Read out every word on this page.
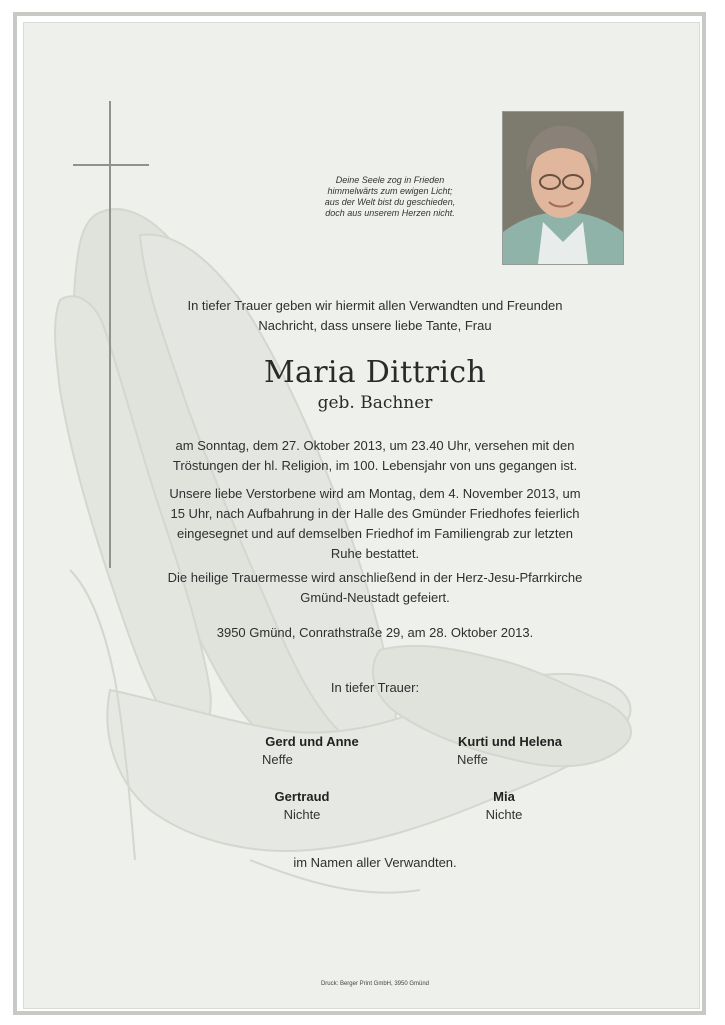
Deine Seele zog in Frieden
himmelwärts zum ewigen Licht;
aus der Welt bist du geschieden,
doch aus unserem Herzen nicht.
In tiefer Trauer geben wir hiermit allen Verwandten und Freunden
Nachricht, dass unsere liebe Tante, Frau
Maria Dittrich
geb. Bachner
am Sonntag, dem 27. Oktober 2013, um 23.40 Uhr, versehen mit den
Tröstungen der hl. Religion, im 100. Lebensjahr von uns gegangen ist.
Unsere liebe Verstorbene wird am Montag, dem 4. November 2013, um
15 Uhr, nach Aufbahrung in der Halle des Gmünder Friedhofes feierlich
eingesegnet und auf demselben Friedhof im Familiengrab zur letzten
Ruhe bestattet.
Die heilige Trauermesse wird anschließend in der Herz-Jesu-Pfarrkirche
Gmünd-Neustadt gefeiert.
3950 Gmünd, Conrathstraße 29, am 28. Oktober 2013.
In tiefer Trauer:
Gerd und Anne
Neffe
Kurti und Helena
Neffe
Gertraud
Nichte
Mia
Nichte
im Namen aller Verwandten.
Druck: Berger Print GmbH, 3950 Gmünd
